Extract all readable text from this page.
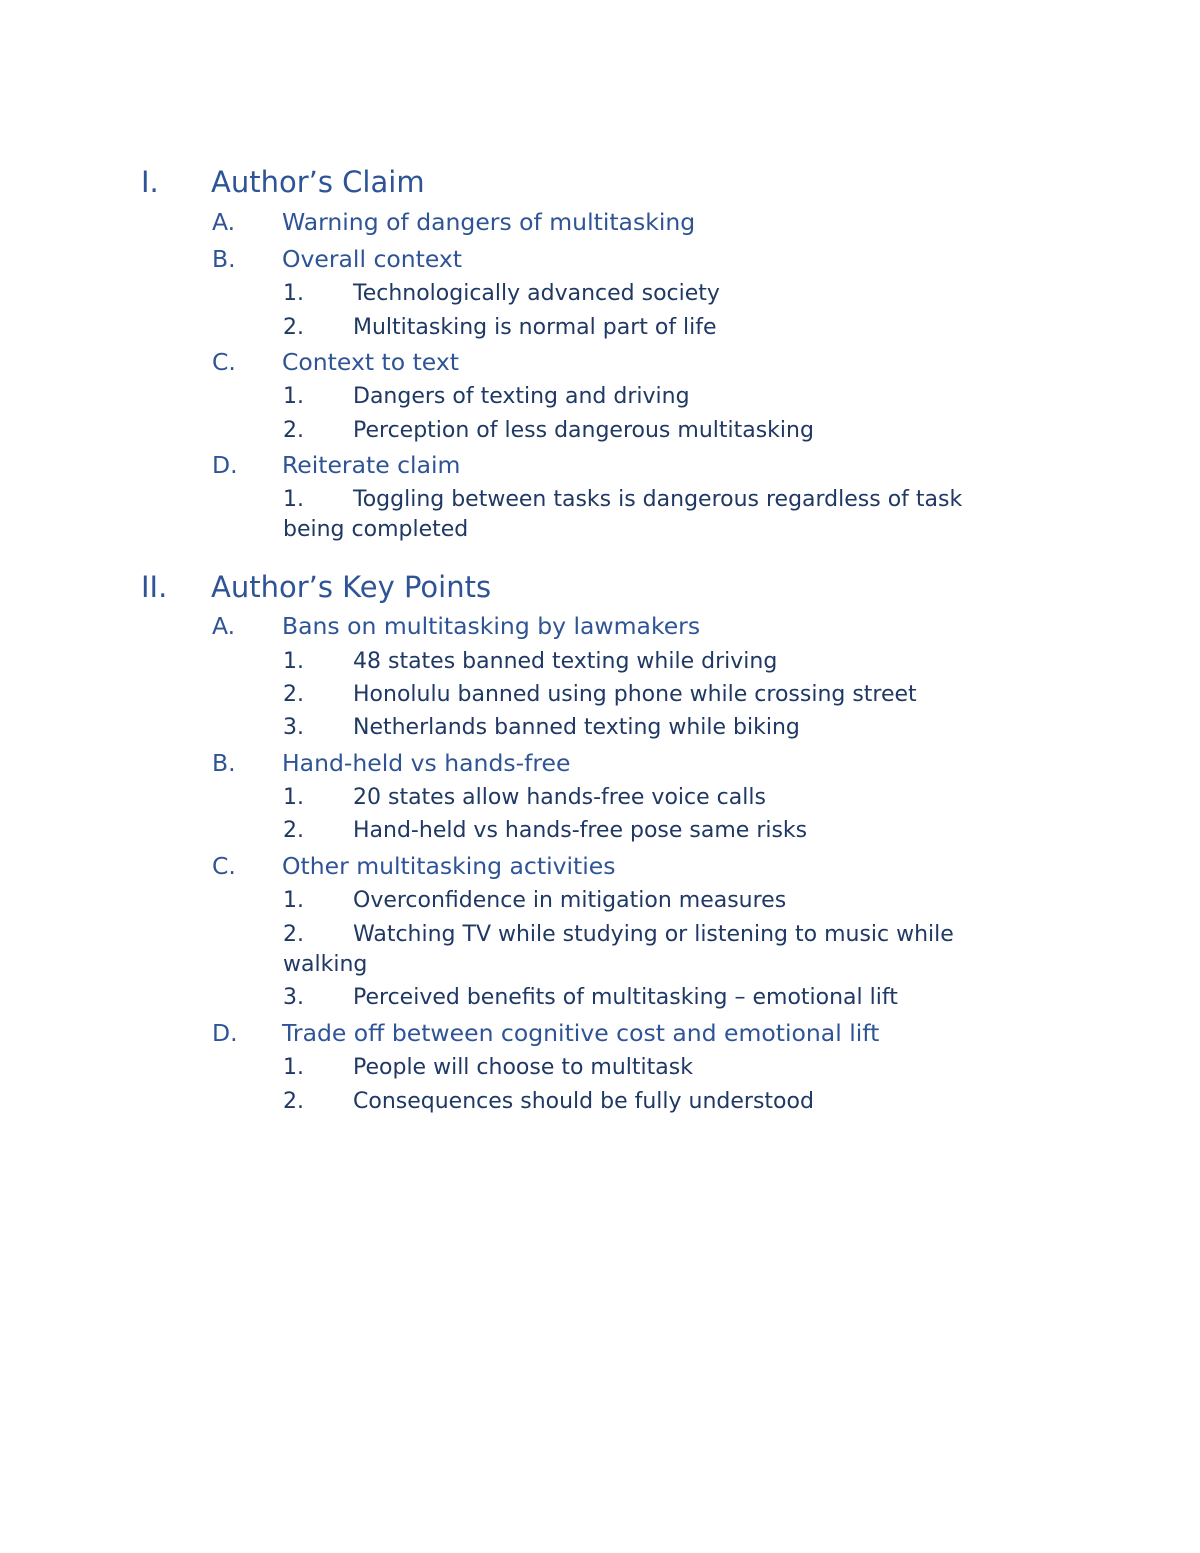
I. Author’s Claim
A. Warning of dangers of multitasking
B. Overall context
1. Technologically advanced society
2. Multitasking is normal part of life
C. Context to text
1. Dangers of texting and driving
2. Perception of less dangerous multitasking
D. Reiterate claim
1. Toggling between tasks is dangerous regardless of task
being completed
II. Author’s Key Points
A. Bans on multitasking by lawmakers
1. 48 states banned texting while driving
2. Honolulu banned using phone while crossing street
3. Netherlands banned texting while biking
B. Hand-held vs hands-free
1. 20 states allow hands-free voice calls
2. Hand-held vs hands-free pose same risks
C. Other multitasking activities
1. Overconfidence in mitigation measures
2. Watching TV while studying or listening to music while
walking
3. Perceived benefits of multitasking – emotional lift
D. Trade off between cognitive cost and emotional lift
1. People will choose to multitask
2. Consequences should be fully understood
